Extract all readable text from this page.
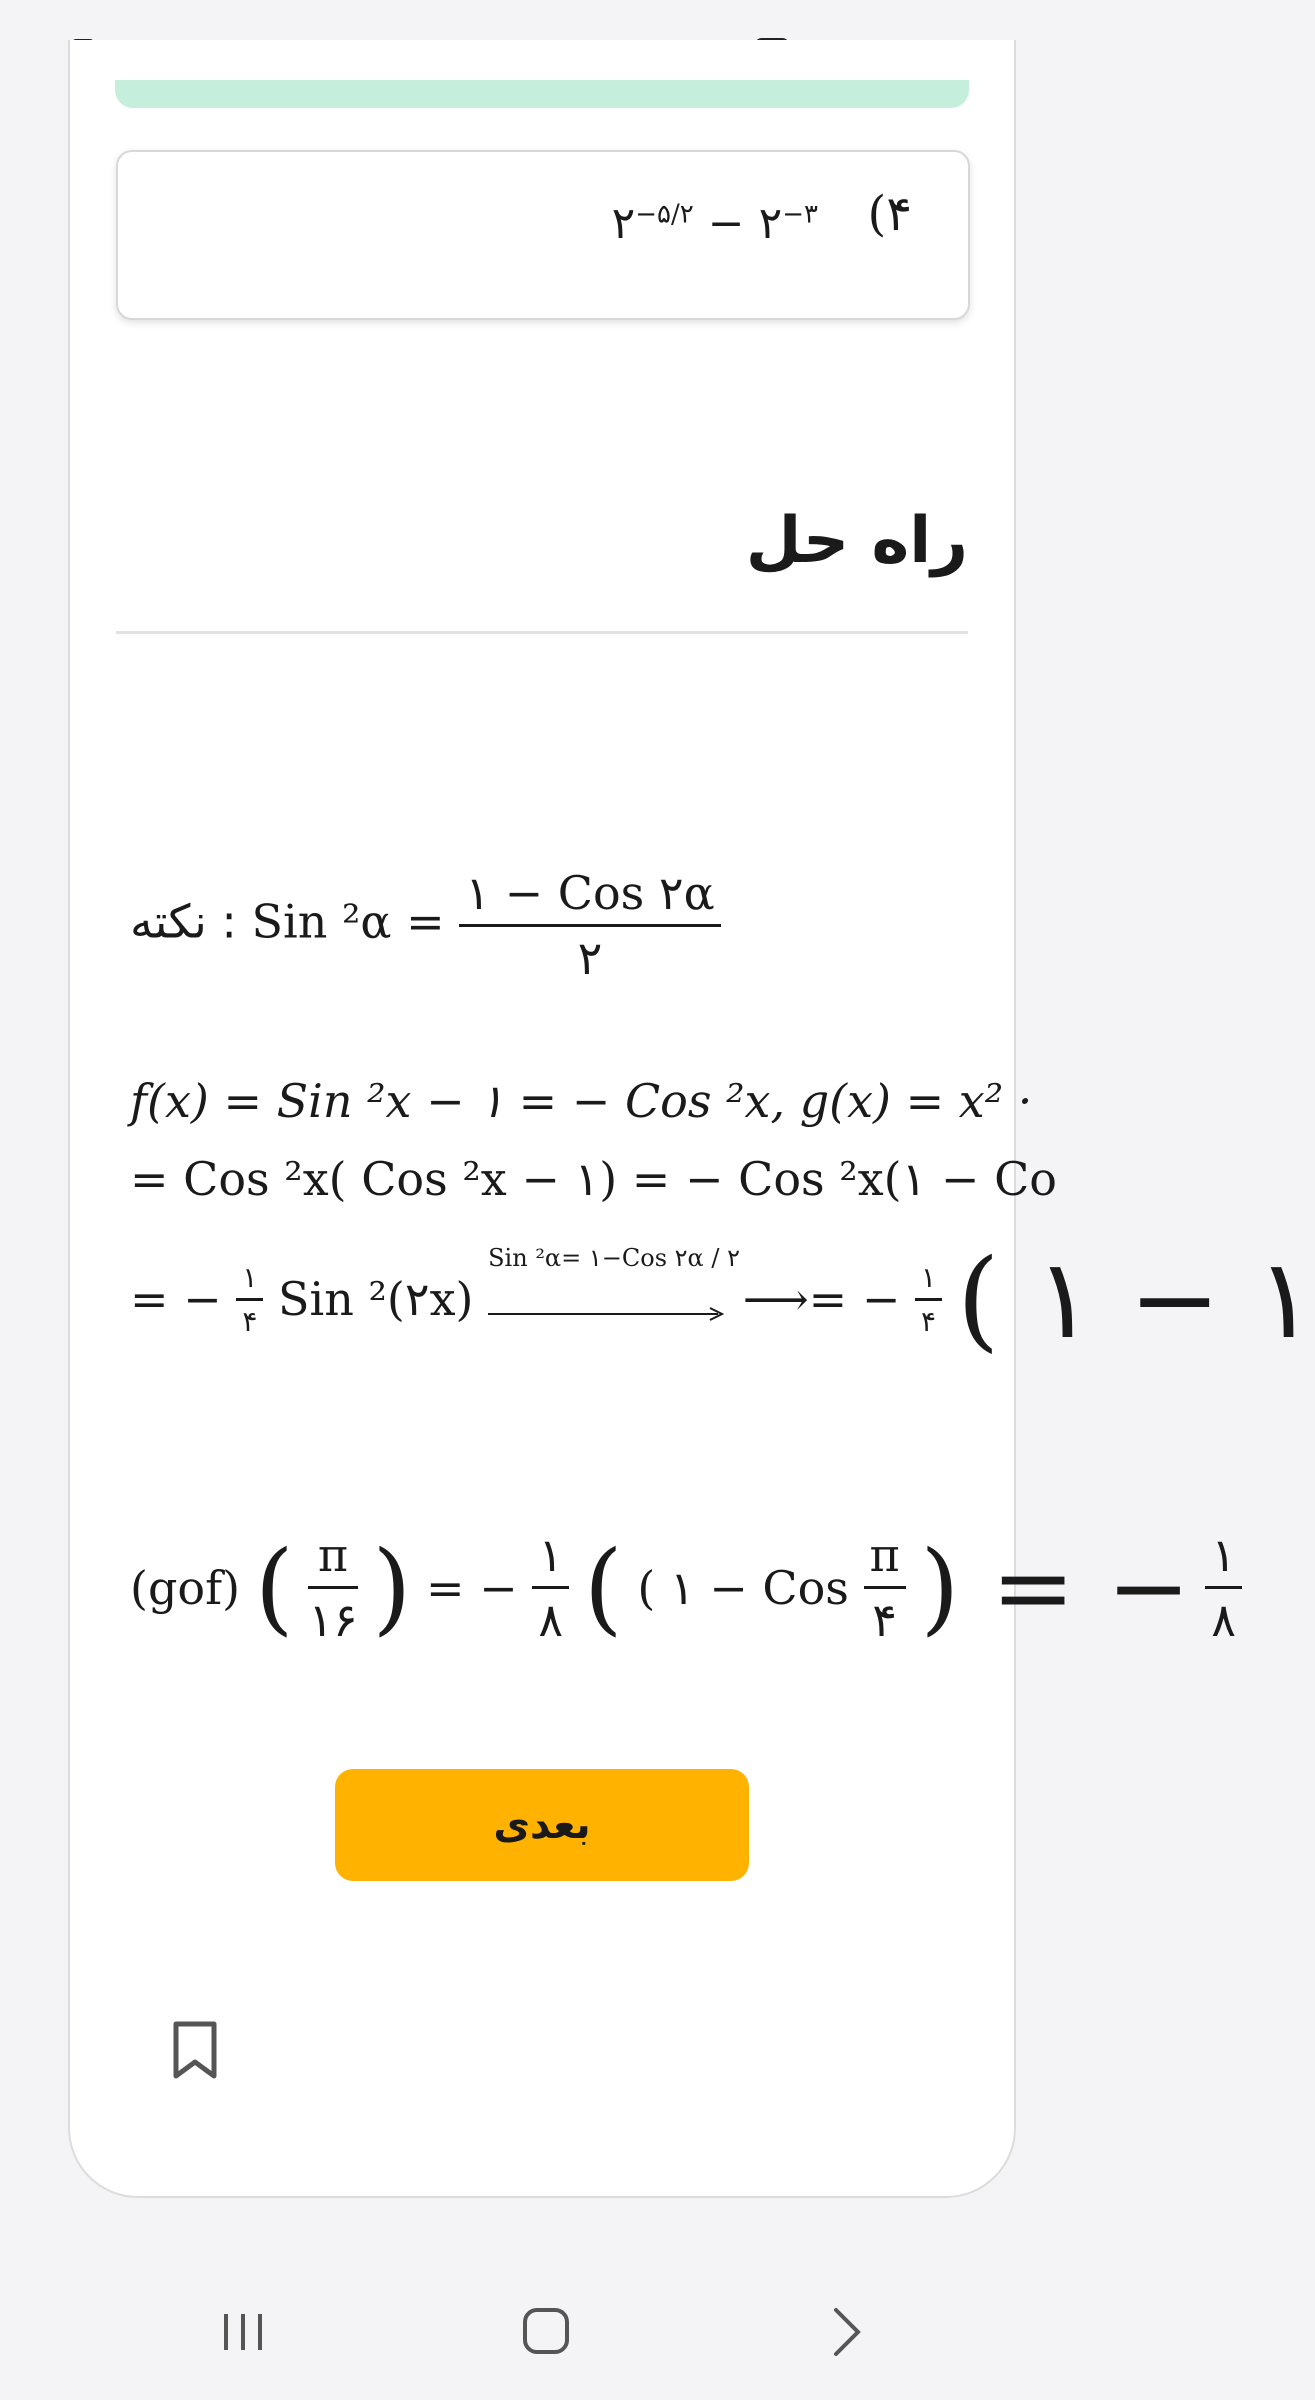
(۴
$۲^{-۵/۲}$ − $۲^{-۳}$
راه حل
نکته : Sin $^2\alpha = \frac{\text{۱ − Cos ۲α}}{۲}$
f(x) = Sin ²x − ۱ = − Cos ²x, g(x) = x² ·
= Cos ²x( Cos ²x − ۱) = − Cos ²x(۱ − Co
= − $\frac{۱}{۴}$ Sin ²(۲x)
Sin ²α= ۱−Cos ۲α / ۲
⟶= − $\frac{۱}{۴}$ ( ۱ − ۱
(gof) ( $\frac{\pi}{۱۶}$ ) = − $\frac{۱}{۸}$ ( ( ۱ − Cos $\frac{\pi}{۴}$ ) = − $\frac{۱}{۸}$
بعدی
